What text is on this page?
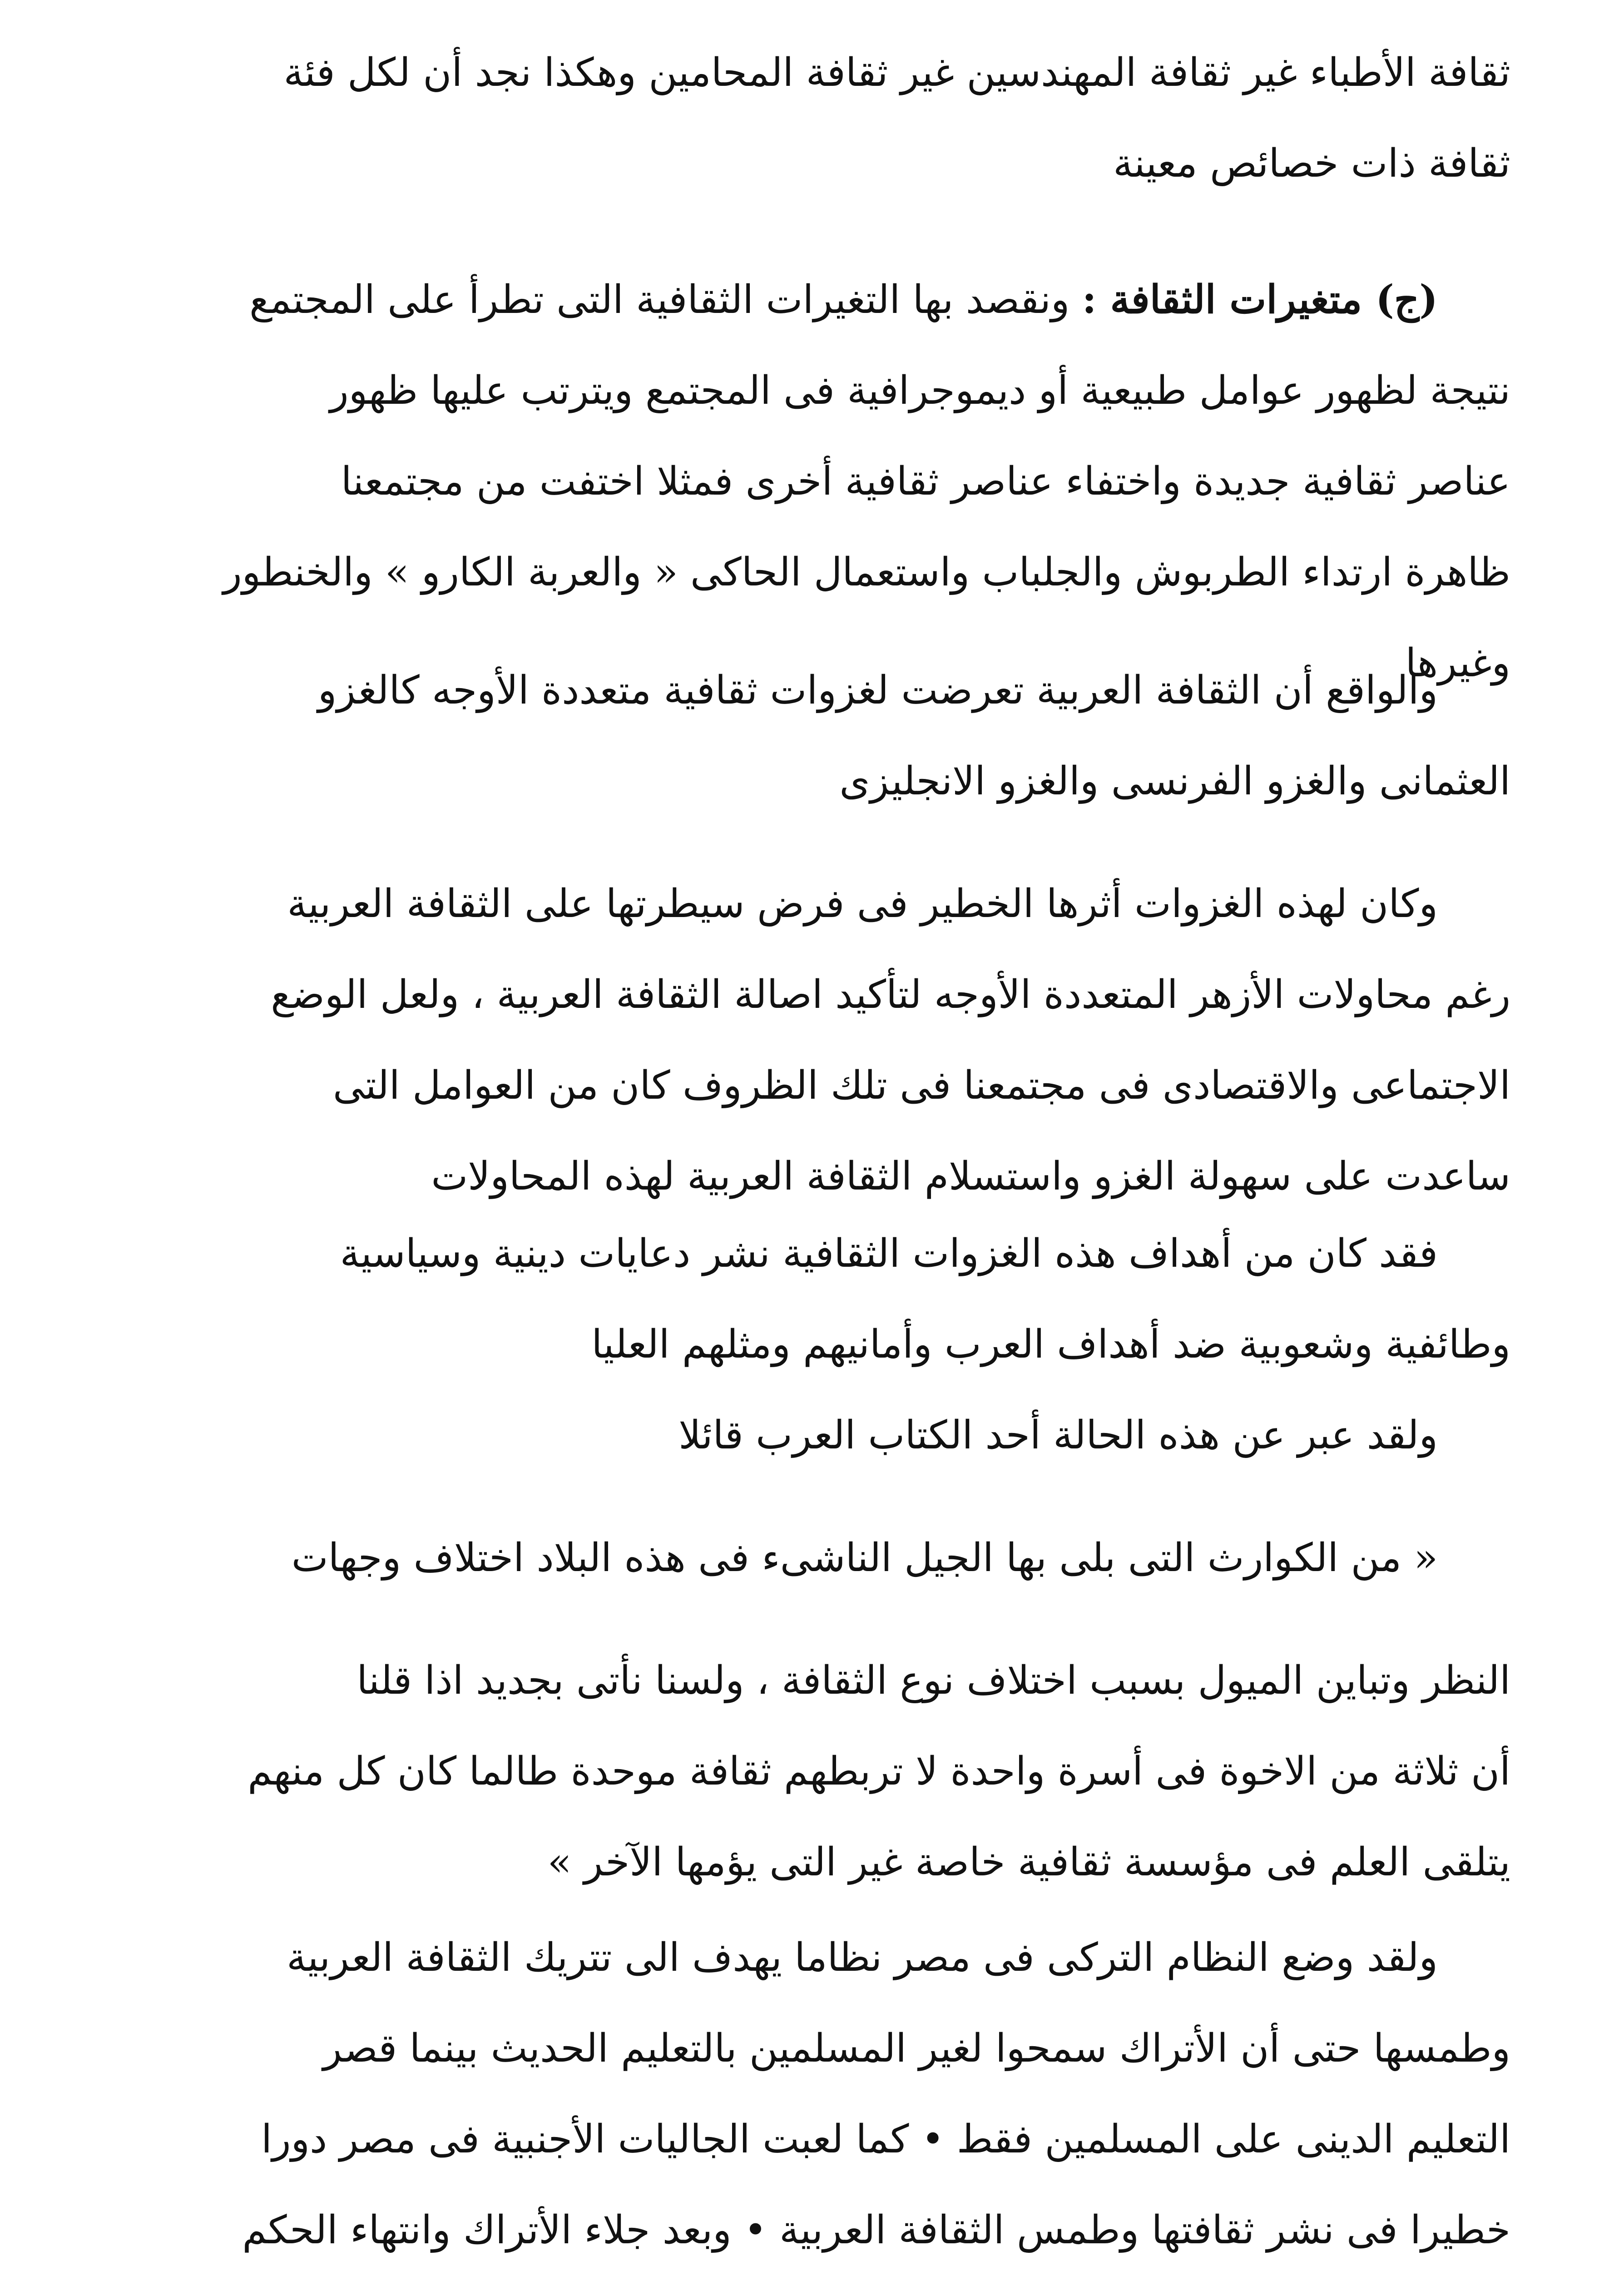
ثقافة الأطباء غير ثقافة المهندسين غير ثقافة المحامين وهكذا نجد أن لكل فئة
ثقافة ذات خصائص معينة
(ج) متغيرات الثقافة : ونقصد بها التغيرات الثقافية التى تطرأ على المجتمع
نتيجة لظهور عوامل طبيعية أو ديموجرافية فى المجتمع ويترتب عليها ظهور
عناصر ثقافية جديدة واختفاء عناصر ثقافية أخرى فمثلا اختفت من مجتمعنا
ظاهرة ارتداء الطربوش والجلباب واستعمال الحاكى « والعربة الكارو » والخنطور
وغيرها
والواقع أن الثقافة العربية تعرضت لغزوات ثقافية متعددة الأوجه كالغزو
العثمانى والغزو الفرنسى والغزو الانجليزى
وكان لهذه الغزوات أثرها الخطير فى فرض سيطرتها على الثقافة العربية
رغم محاولات الأزهر المتعددة الأوجه لتأكيد اصالة الثقافة العربية ، ولعل الوضع
الاجتماعى والاقتصادى فى مجتمعنا فى تلك الظروف كان من العوامل التى
ساعدت على سهولة الغزو واستسلام الثقافة العربية لهذه المحاولات
فقد كان من أهداف هذه الغزوات الثقافية نشر دعايات دينية وسياسية
وطائفية وشعوبية ضد أهداف العرب وأمانيهم ومثلهم العليا
ولقد عبر عن هذه الحالة أحد الكتاب العرب قائلا
« من الكوارث التى بلى بها الجيل الناشىء فى هذه البلاد اختلاف وجهات
النظر وتباين الميول بسبب اختلاف نوع الثقافة ، ولسنا نأتى بجديد اذا قلنا
أن ثلاثة من الاخوة فى أسرة واحدة لا تربطهم ثقافة موحدة طالما كان كل منهم
يتلقى العلم فى مؤسسة ثقافية خاصة غير التى يؤمها الآخر »
ولقد وضع النظام التركى فى مصر نظاما يهدف الى تتريك الثقافة العربية
وطمسها حتى أن الأتراك سمحوا لغير المسلمين بالتعليم الحديث بينما قصر
التعليم الدينى على المسلمين فقط • كما لعبت الجاليات الأجنبية فى مصر دورا
خطيرا فى نشر ثقافتها وطمس الثقافة العربية • وبعد جلاء الأتراك وانتهاء الحكم
